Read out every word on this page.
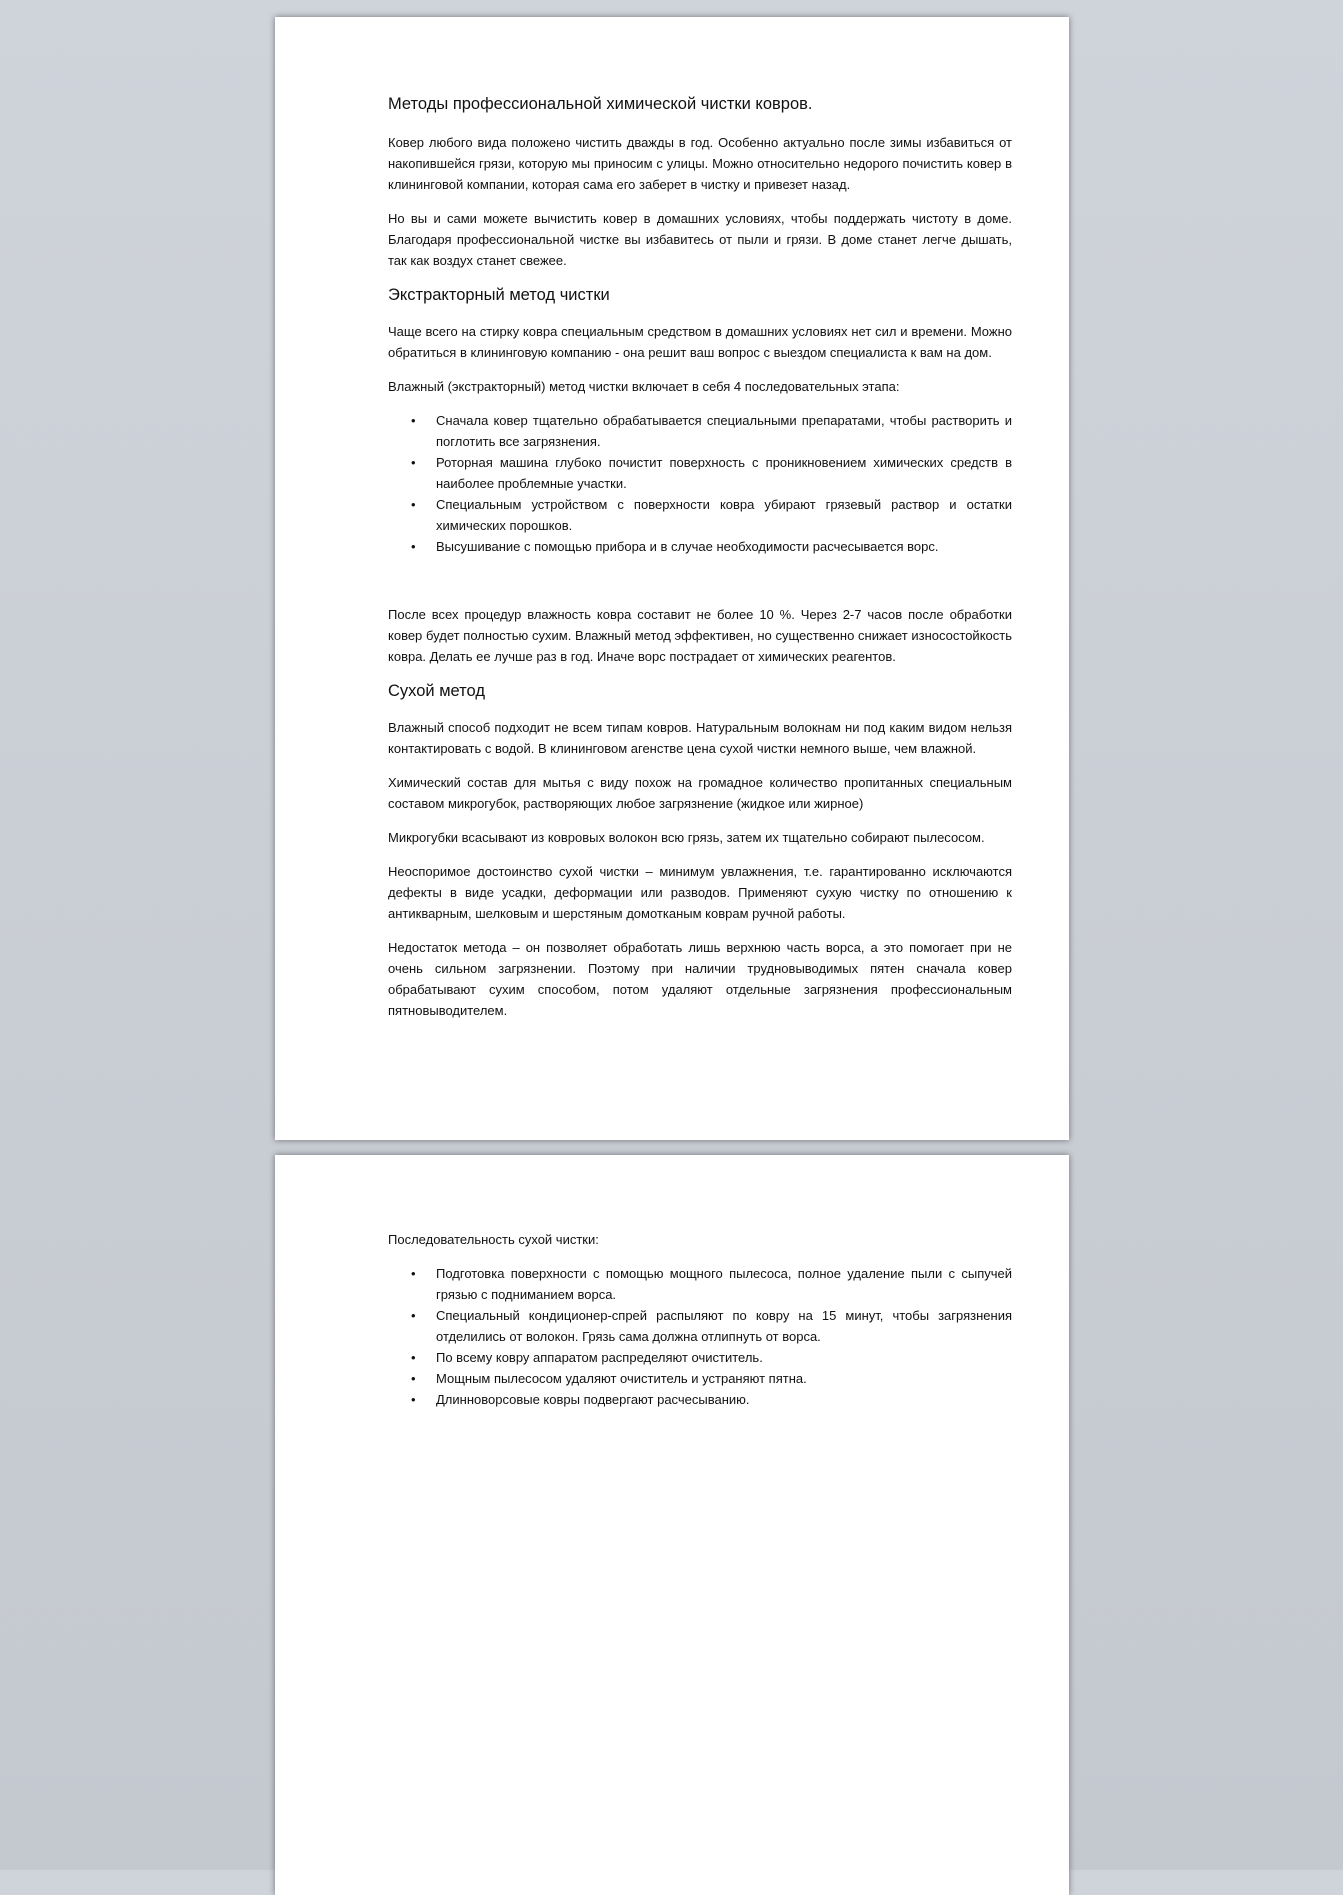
Методы профессиональной химической чистки ковров.

Ковер любого вида положено чистить дважды в год. Особенно актуально после зимы избавиться от накопившейся грязи, которую мы приносим с улицы. Можно относительно недорого почистить ковер в клининговой компании, которая сама его заберет в чистку и привезет назад.

Но вы и сами можете вычистить ковер в домашних условиях, чтобы поддержать чистоту в доме. Благодаря профессиональной чистке вы избавитесь от пыли и грязи. В доме станет легче дышать, так как воздух станет свежее.

Экстракторный метод чистки

Чаще всего на стирку ковра специальным средством в домашних условиях нет сил и времени. Можно обратиться в клининговую компанию - она решит ваш вопрос с выездом специалиста к вам на дом.

Влажный (экстракторный) метод чистки включает в себя 4 последовательных этапа:

• Сначала ковер тщательно обрабатывается специальными препаратами, чтобы растворить и поглотить все загрязнения.
• Роторная машина глубоко почистит поверхность с проникновением химических средств в наиболее проблемные участки.
• Специальным устройством с поверхности ковра убирают грязевый раствор и остатки химических порошков.
• Высушивание с помощью прибора и в случае необходимости расчесывается ворс.

После всех процедур влажность ковра составит не более 10 %. Через 2-7 часов после обработки ковер будет полностью сухим. Влажный метод эффективен, но существенно снижает износостойкость ковра. Делать ее лучше раз в год. Иначе ворс пострадает от химических реагентов.

Сухой метод

Влажный способ подходит не всем типам ковров. Натуральным волокнам ни под каким видом нельзя контактировать с водой. В клининговом агенстве цена сухой чистки немного выше, чем влажной.

Химический состав для мытья с виду похож на громадное количество пропитанных специальным составом микрогубок, растворяющих любое загрязнение (жидкое или жирное)

Микрогубки всасывают из ковровых волокон всю грязь, затем их тщательно собирают пылесосом.

Неоспоримое достоинство сухой чистки – минимум увлажнения, т.е. гарантированно исключаются дефекты в виде усадки, деформации или разводов. Применяют сухую чистку по отношению к антикварным, шелковым и шерстяным домотканым коврам ручной работы.

Недостаток метода – он позволяет обработать лишь верхнюю часть ворса, а это помогает при не очень сильном загрязнении. Поэтому при наличии трудновыводимых пятен сначала ковер обрабатывают сухим способом, потом удаляют отдельные загрязнения профессиональным пятновыводителем.

Последовательность сухой чистки:

• Подготовка поверхности с помощью мощного пылесоса, полное удаление пыли с сыпучей грязью с подниманием ворса.
• Специальный кондиционер-спрей распыляют по ковру на 15 минут, чтобы загрязнения отделились от волокон. Грязь сама должна отлипнуть от ворса.
• По всему ковру аппаратом распределяют очиститель.
• Мощным пылесосом удаляют очиститель и устраняют пятна.
• Длинноворсовые ковры подвергают расчесыванию.
